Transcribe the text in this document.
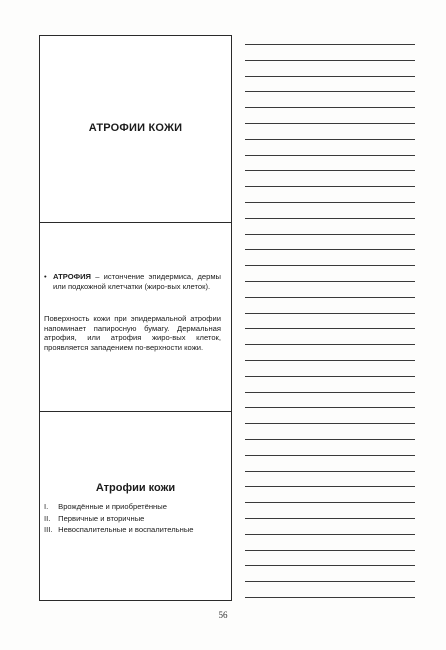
АТРОФИИ КОЖИ
• АТРОФИЯ – истончение эпидермиса, дермы или подкожной клетчатки (жиро-вых клеток).
Поверхность кожи при эпидермальной атрофии напоминает папиросную бумагу. Дермальная атрофия, или атрофия жиро-вых клеток, проявляется западением по-верхности кожи.
Атрофии кожи
I. Врождённые и приобретённые
II. Первичные и вторичные
III. Невоспалительные и воспалительные
56
